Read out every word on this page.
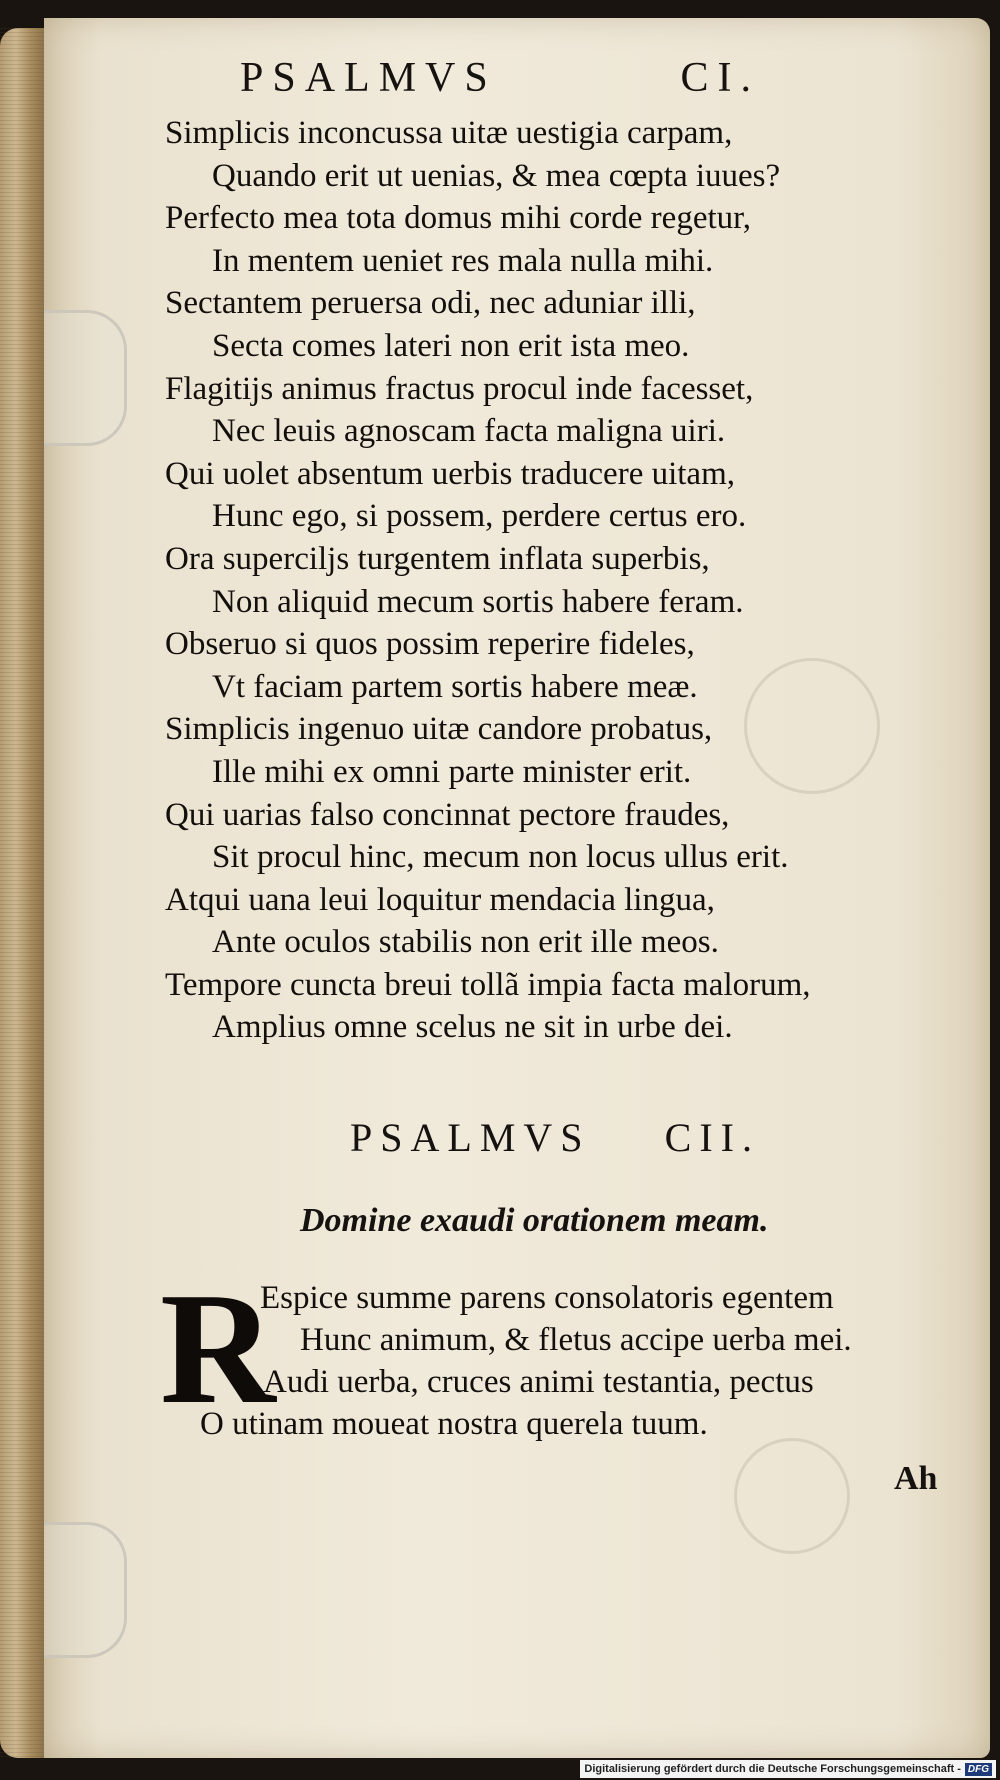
PSALMVS	CI.
Simplicis inconcussa uitæ uestigia carpam,
Quando erit ut uenias, & mea cœpta iuues?
Perfecto mea tota domus mihi corde regetur,
In mentem ueniet res mala nulla mihi.
Sectantem peruersa odi, nec aduniar illi,
Secta comes lateri non erit ista meo.
Flagitijs animus fractus procul inde facesset,
Nec leuis agnoscam facta maligna uiri.
Qui uolet absentum uerbis traducere uitam,
Hunc ego, si possem, perdere certus ero.
Ora superciljs turgentem inflata superbis,
Non aliquid mecum sortis habere feram.
Obseruo si quos possim reperire fideles,
Vt faciam partem sortis habere meæ.
Simplicis ingenuo uitæ candore probatus,
Ille mihi ex omni parte minister erit.
Qui uarias falso concinnat pectore fraudes,
Sit procul hinc, mecum non locus ullus erit.
Atqui uana leui loquitur mendacia lingua,
Ante oculos stabilis non erit ille meos.
Tempore cuncta breui tollã impia facta malorum,
Amplius omne scelus ne sit in urbe dei.
PSALMVS CII.
Domine exaudi orationem meam.
R
Espice summe parens consolatoris egentem
Hunc animum, & fletus accipe uerba mei.
Audi uerba, cruces animi testantia, pectus
O utinam moueat nostra querela tuum.
Ah
Digitalisierung gefördert durch die Deutsche Forschungsgemeinschaft - DFG
